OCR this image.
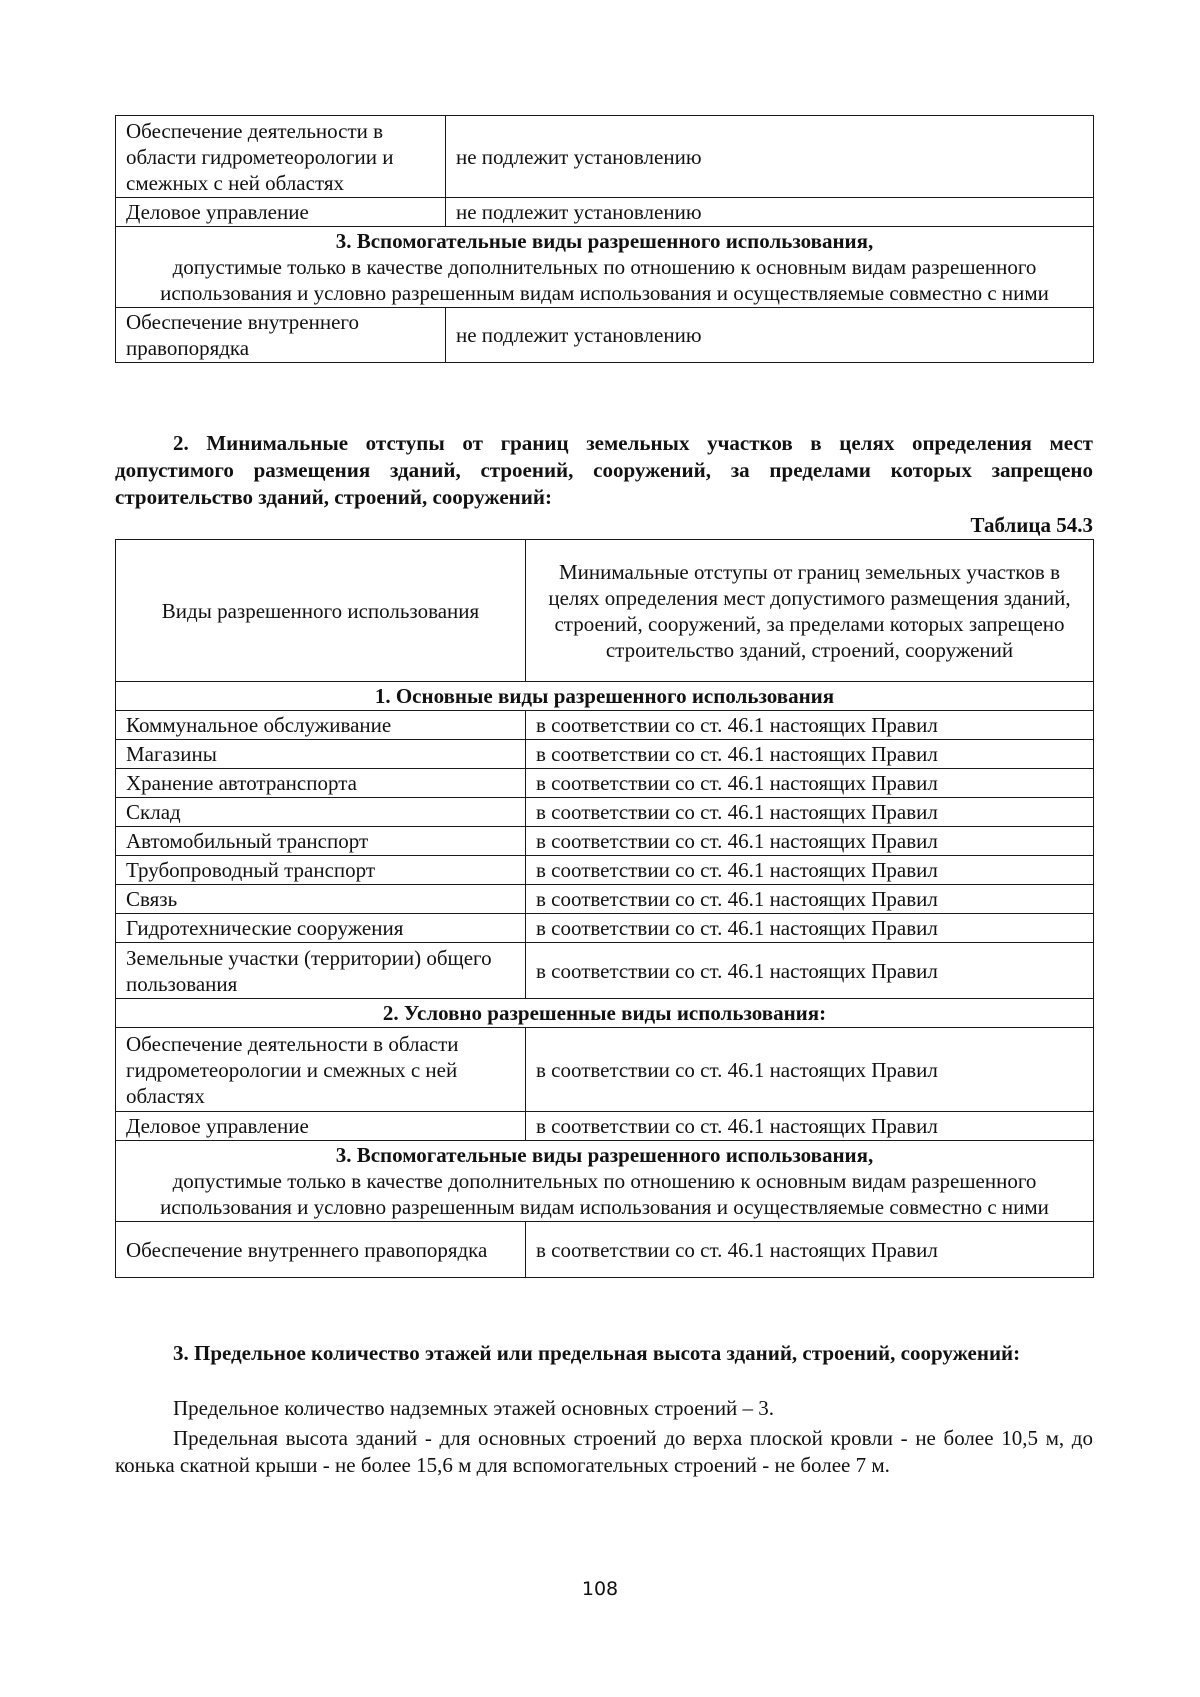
Обеспечение деятельности в области гидрометеорологии и смежных с ней областях	не подлежит установлению
Деловое управление	не подлежит установлению

3. Вспомогательные виды разрешенного использования,
допустимые только в качестве дополнительных по отношению к основным видам разрешенного использования и условно разрешенным видам использования и осуществляемые совместно с ними	

Обеспечение внутреннего правопорядка	не подлежит установлению
2. Минимальные отступы от границ земельных участков в целях определения мест допустимого размещения зданий, строений, сооружений, за пределами которых запрещено строительство зданий, строений, сооружений:
Таблица 54.3
Виды разрешенного использования	Минимальные отступы от границ земельных участков в целях определения мест допустимого размещения зданий, строений, сооружений, за пределами которых запрещено строительство зданий, строений, сооружений
1. Основные виды разрешенного использования	
Коммунальное обслуживание	в соответствии со ст. 46.1 настоящих Правил
Магазины	в соответствии со ст. 46.1 настоящих Правил
Хранение автотранспорта	в соответствии со ст. 46.1 настоящих Правил
Склад	в соответствии со ст. 46.1 настоящих Правил
Автомобильный транспорт	в соответствии со ст. 46.1 настоящих Правил
Трубопроводный транспорт	в соответствии со ст. 46.1 настоящих Правил
Связь	в соответствии со ст. 46.1 настоящих Правил
Гидротехнические сооружения	в соответствии со ст. 46.1 настоящих Правил
Земельные участки (территории) общего пользования	в соответствии со ст. 46.1 настоящих Правил
2. Условно разрешенные виды использования:	
Обеспечение деятельности в области гидрометеорологии и смежных с ней областях	в соответствии со ст. 46.1 настоящих Правил
Деловое управление	в соответствии со ст. 46.1 настоящих Правил

3. Вспомогательные виды разрешенного использования,
допустимые только в качестве дополнительных по отношению к основным видам разрешенного использования и условно разрешенным видам использования и осуществляемые совместно с ними	

Обеспечение внутреннего правопорядка	в соответствии со ст. 46.1 настоящих Правил
3. Предельное количество этажей или предельная высота зданий, строений, сооружений:
Предельное количество надземных этажей основных строений – 3.
Предельная высота зданий - для основных строений до верха плоской кровли - не более 10,5 м, до конька скатной крыши - не более 15,6 м для вспомогательных строений - не более 7 м.
108
